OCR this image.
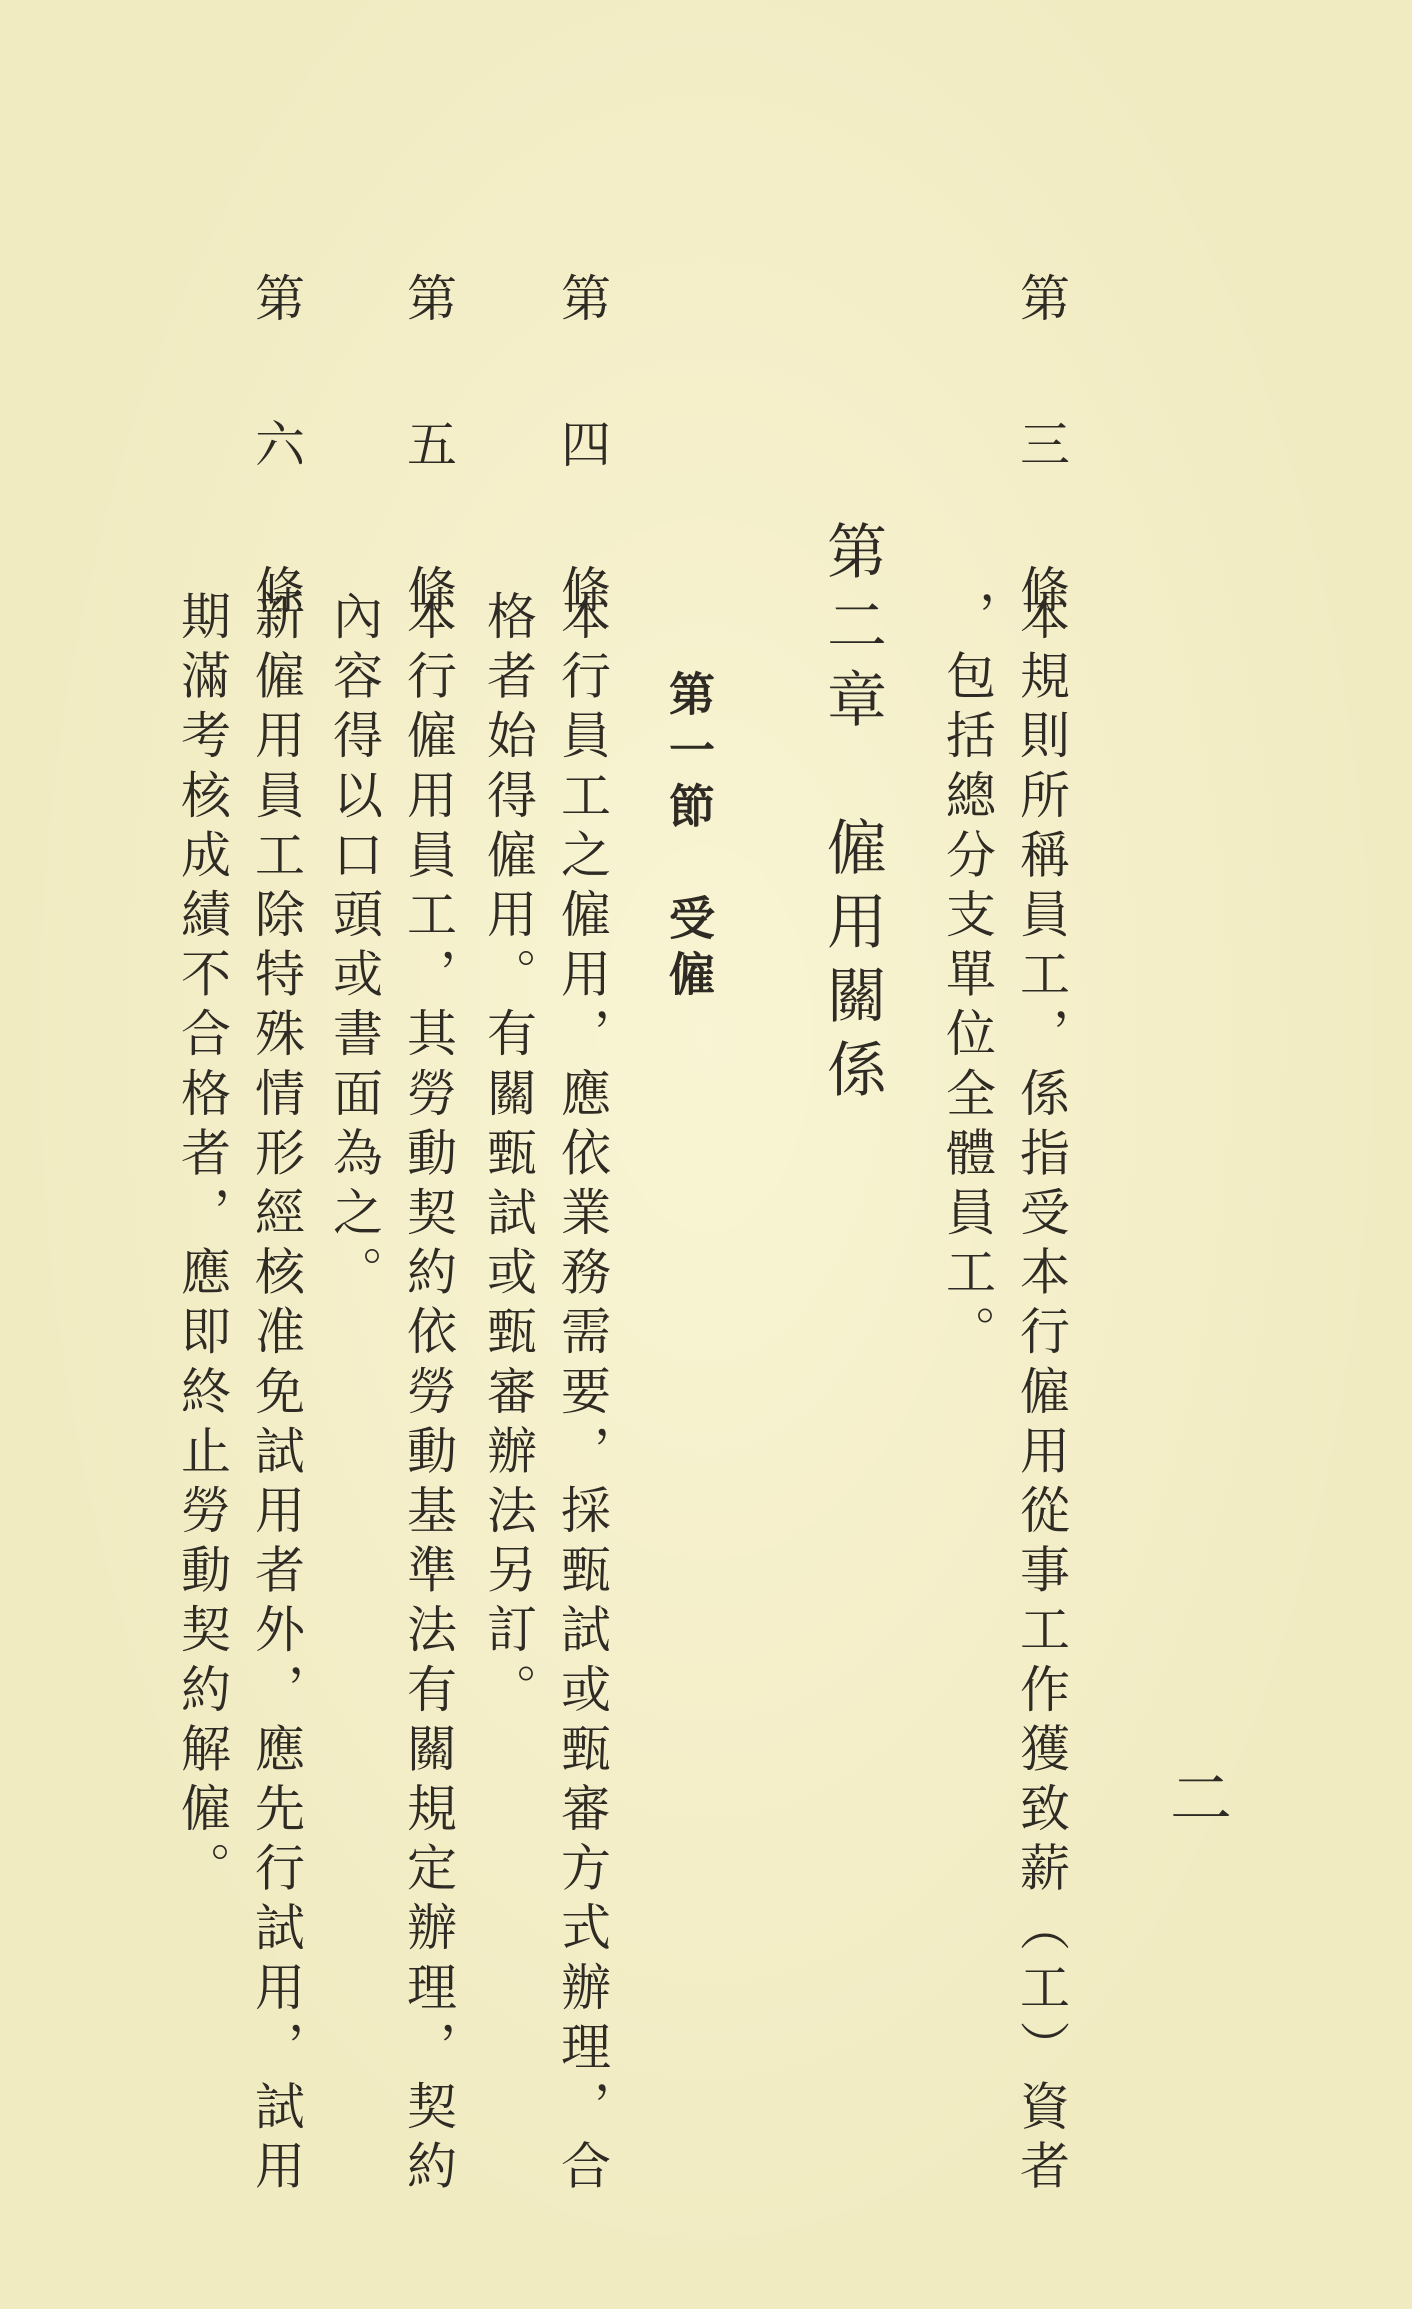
第三條
本規則所稱員工，係指受本行僱用從事工作獲致薪（工）資者
，包括總分支單位全體員工。
第二章　僱用關係
第一節　受僱
第四條
本行員工之僱用，應依業務需要，採甄試或甄審方式辦理，合
格者始得僱用。有關甄試或甄審辦法另訂。
第五條
本行僱用員工，其勞動契約依勞動基準法有關規定辦理，契約
內容得以口頭或書面為之。
第六條
新僱用員工除特殊情形經核准免試用者外，應先行試用，試用
期滿考核成績不合格者，應即終止勞動契約解僱。	二
